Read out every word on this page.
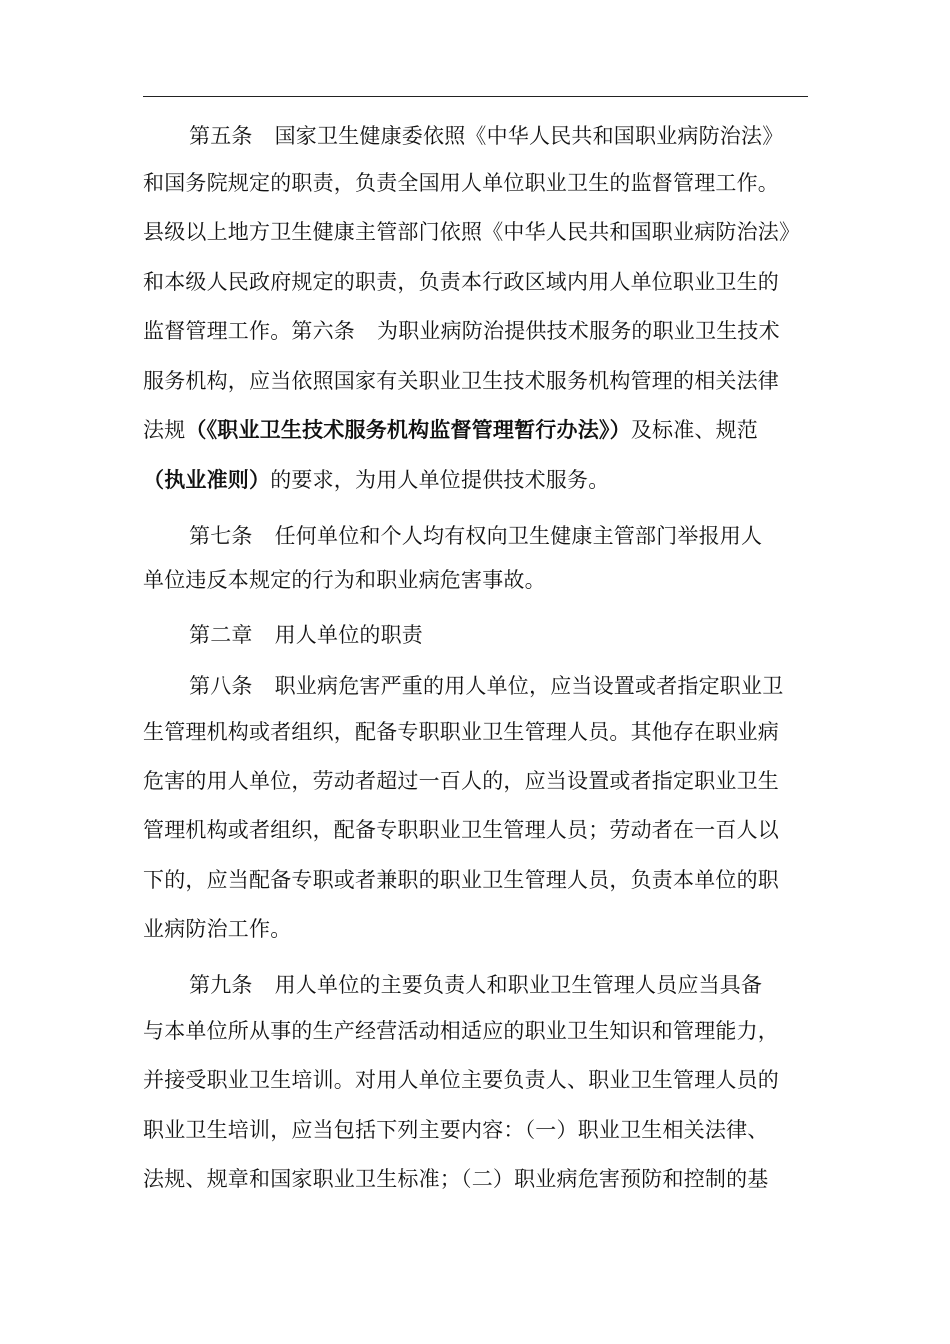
第五条 国家卫生健康委依照《中华人民共和国职业病防治法》
和国务院规定的职责，负责全国用人单位职业卫生的监督管理工作。
县级以上地方卫生健康主管部门依照《中华人民共和国职业病防治法》
和本级人民政府规定的职责，负责本行政区域内用人单位职业卫生的
监督管理工作。第六条 为职业病防治提供技术服务的职业卫生技术
服务机构，应当依照国家有关职业卫生技术服务机构管理的相关法律
法规（《职业卫生技术服务机构监督管理暂行办法》）及标准、规范
（执业准则）的要求，为用人单位提供技术服务。
第七条 任何单位和个人均有权向卫生健康主管部门举报用人
单位违反本规定的行为和职业病危害事故。
第二章 用人单位的职责
第八条 职业病危害严重的用人单位，应当设置或者指定职业卫
生管理机构或者组织，配备专职职业卫生管理人员。其他存在职业病
危害的用人单位，劳动者超过一百人的，应当设置或者指定职业卫生
管理机构或者组织，配备专职职业卫生管理人员；劳动者在一百人以
下的，应当配备专职或者兼职的职业卫生管理人员，负责本单位的职
业病防治工作。
第九条 用人单位的主要负责人和职业卫生管理人员应当具备
与本单位所从事的生产经营活动相适应的职业卫生知识和管理能力，
并接受职业卫生培训。对用人单位主要负责人、职业卫生管理人员的
职业卫生培训，应当包括下列主要内容：（一）职业卫生相关法律、
法规、规章和国家职业卫生标准；（二）职业病危害预防和控制的基
